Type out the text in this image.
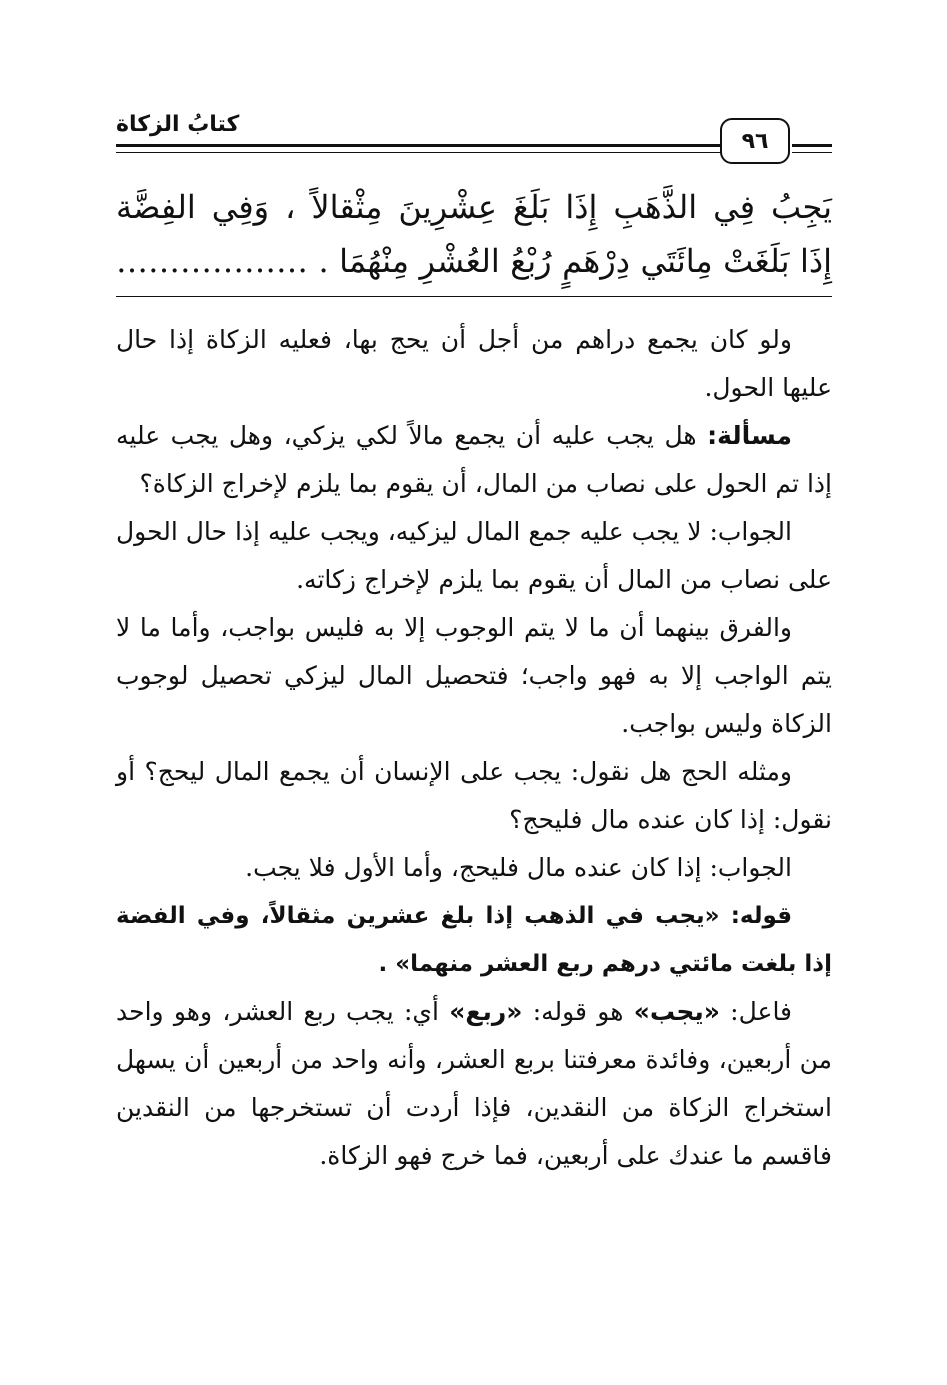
كتابُ الزكاة
٩٦
يَجِبُ فِي الذَّهَبِ إِذَا بَلَغَ عِشْرِينَ مِثْقالاً ، وَفِي الفِضَّة
إِذَا بَلَغَتْ مِائَتَي دِرْهَمٍ رُبْعُ العُشْرِ مِنْهُمَا . ………………

ولو كان يجمع دراهم من أجل أن يحج بها، فعليه الزكاة إذا حال عليها الحول.

مسألة: هل يجب عليه أن يجمع مالاً لكي يزكي، وهل يجب عليه إذا تم الحول على نصاب من المال، أن يقوم بما يلزم لإخراج الزكاة؟

الجواب: لا يجب عليه جمع المال ليزكيه، ويجب عليه إذا حال الحول على نصاب من المال أن يقوم بما يلزم لإخراج زكاته.

والفرق بينهما أن ما لا يتم الوجوب إلا به فليس بواجب، وأما ما لا يتم الواجب إلا به فهو واجب؛ فتحصيل المال ليزكي تحصيل لوجوب الزكاة وليس بواجب.

ومثله الحج هل نقول: يجب على الإنسان أن يجمع المال ليحج؟ أو نقول: إذا كان عنده مال فليحج؟

الجواب: إذا كان عنده مال فليحج، وأما الأول فلا يجب.

قوله: «يجب في الذهب إذا بلغ عشرين مثقالاً، وفي الفضة إذا بلغت مائتي درهم ربع العشر منهما» .

فاعل: «يجب» هو قوله: «ربع» أي: يجب ربع العشر، وهو واحد من أربعين، وفائدة معرفتنا بربع العشر، وأنه واحد من أربعين أن يسهل استخراج الزكاة من النقدين، فإذا أردت أن تستخرجها من النقدين فاقسم ما عندك على أربعين، فما خرج فهو الزكاة.
